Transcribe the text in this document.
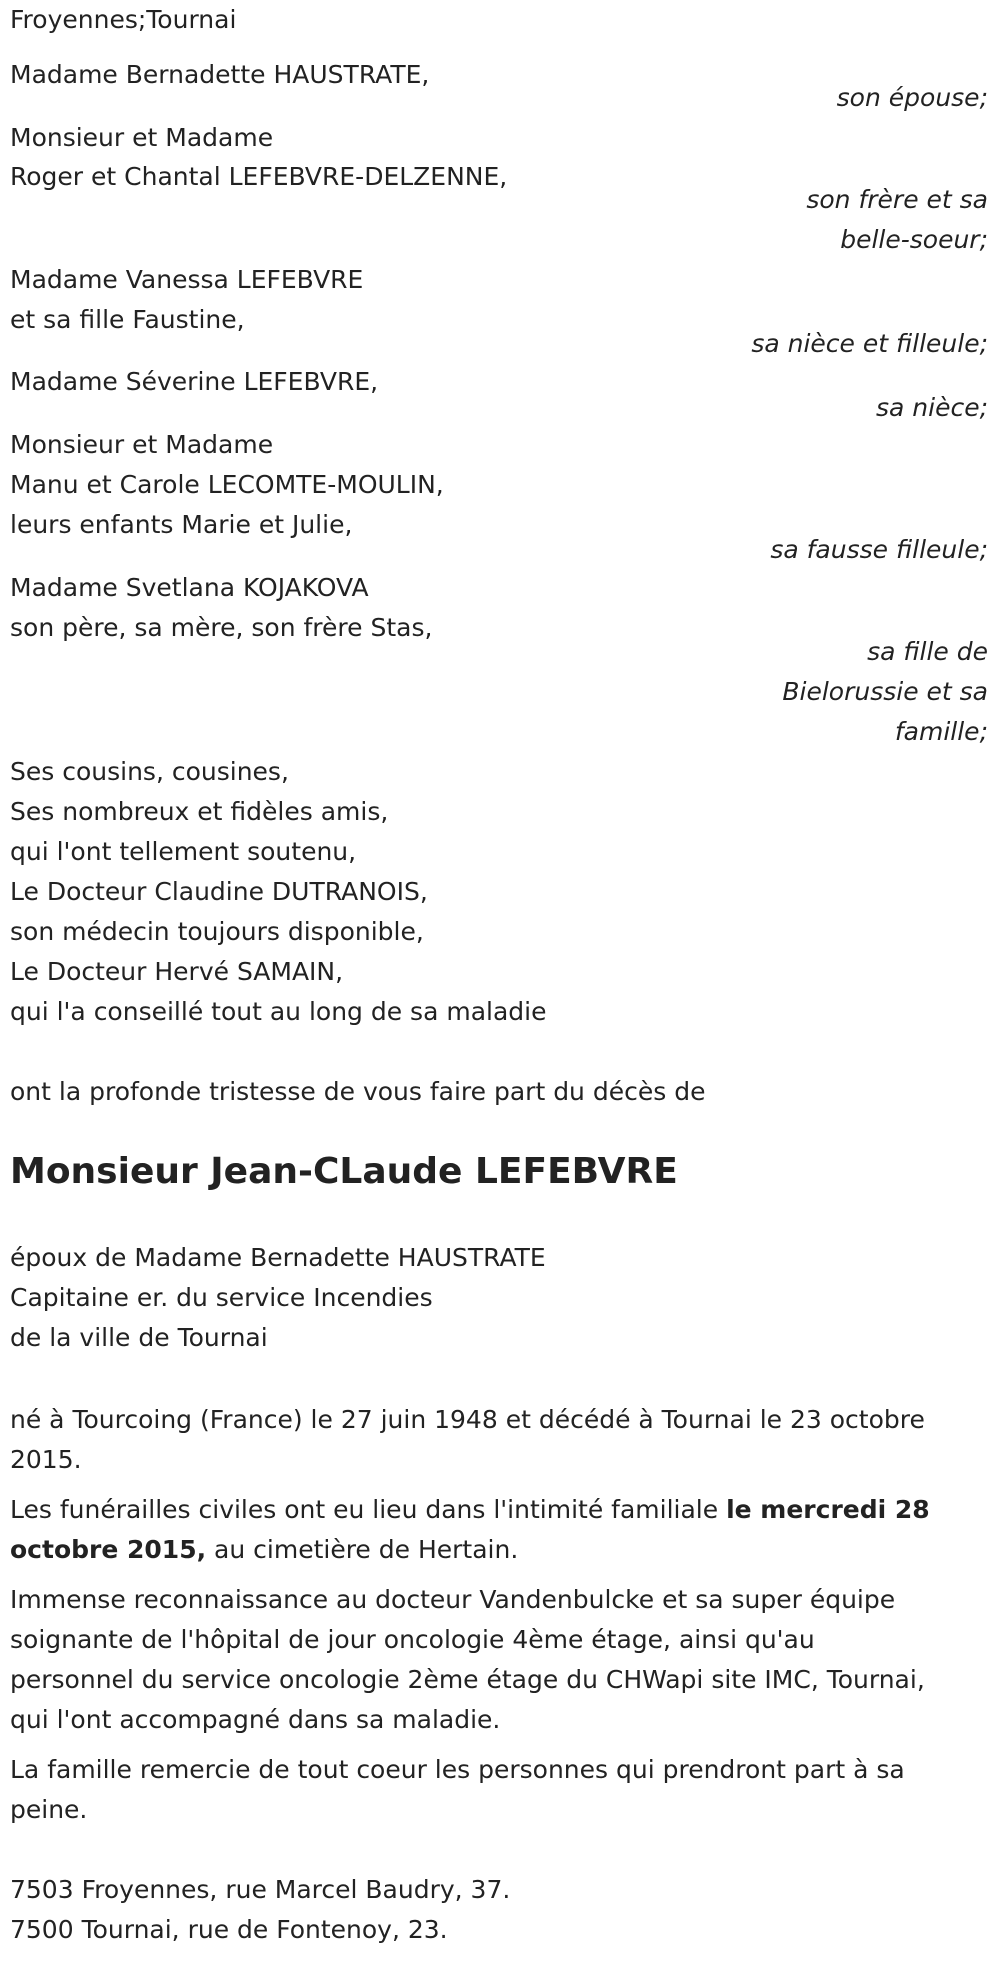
Froyennes;Tournai

Madame Bernadette HAUSTRATE,

son épouse;

Monsieur et Madame

Roger et Chantal LEFEBVRE-DELZENNE,

son frère et sa

belle-soeur;

Madame Vanessa LEFEBVRE

et sa fille Faustine,

sa nièce et filleule;

Madame Séverine LEFEBVRE,

sa nièce;

Monsieur et Madame

Manu et Carole LECOMTE-MOULIN,

leurs enfants Marie et Julie,

sa fausse filleule;

Madame Svetlana KOJAKOVA

son père, sa mère, son frère Stas,

sa fille de

Bielorussie et sa

famille;

Ses cousins, cousines,

Ses nombreux et fidèles amis,

qui l'ont tellement soutenu,

Le Docteur Claudine DUTRANOIS,

son médecin toujours disponible,

Le Docteur Hervé SAMAIN,

qui l'a conseillé tout au long de sa maladie

ont la profonde tristesse de vous faire part du décès de

Monsieur Jean-CLaude LEFEBVRE

époux de Madame Bernadette HAUSTRATE

Capitaine er. du service Incendies

de la ville de Tournai

né à Tourcoing (France) le 27 juin 1948 et décédé à Tournai le 23 octobre

2015.

Les funérailles civiles ont eu lieu dans l'intimité familiale le mercredi 28

octobre 2015, au cimetière de Hertain.

Immense reconnaissance au docteur Vandenbulcke et sa super équipe

soignante de l'hôpital de jour oncologie 4ème étage, ainsi qu'au

personnel du service oncologie 2ème étage du CHWapi site IMC, Tournai,

qui l'ont accompagné dans sa maladie.

La famille remercie de tout coeur les personnes qui prendront part à sa

peine.

7503 Froyennes, rue Marcel Baudry, 37.

7500 Tournai, rue de Fontenoy, 23.
